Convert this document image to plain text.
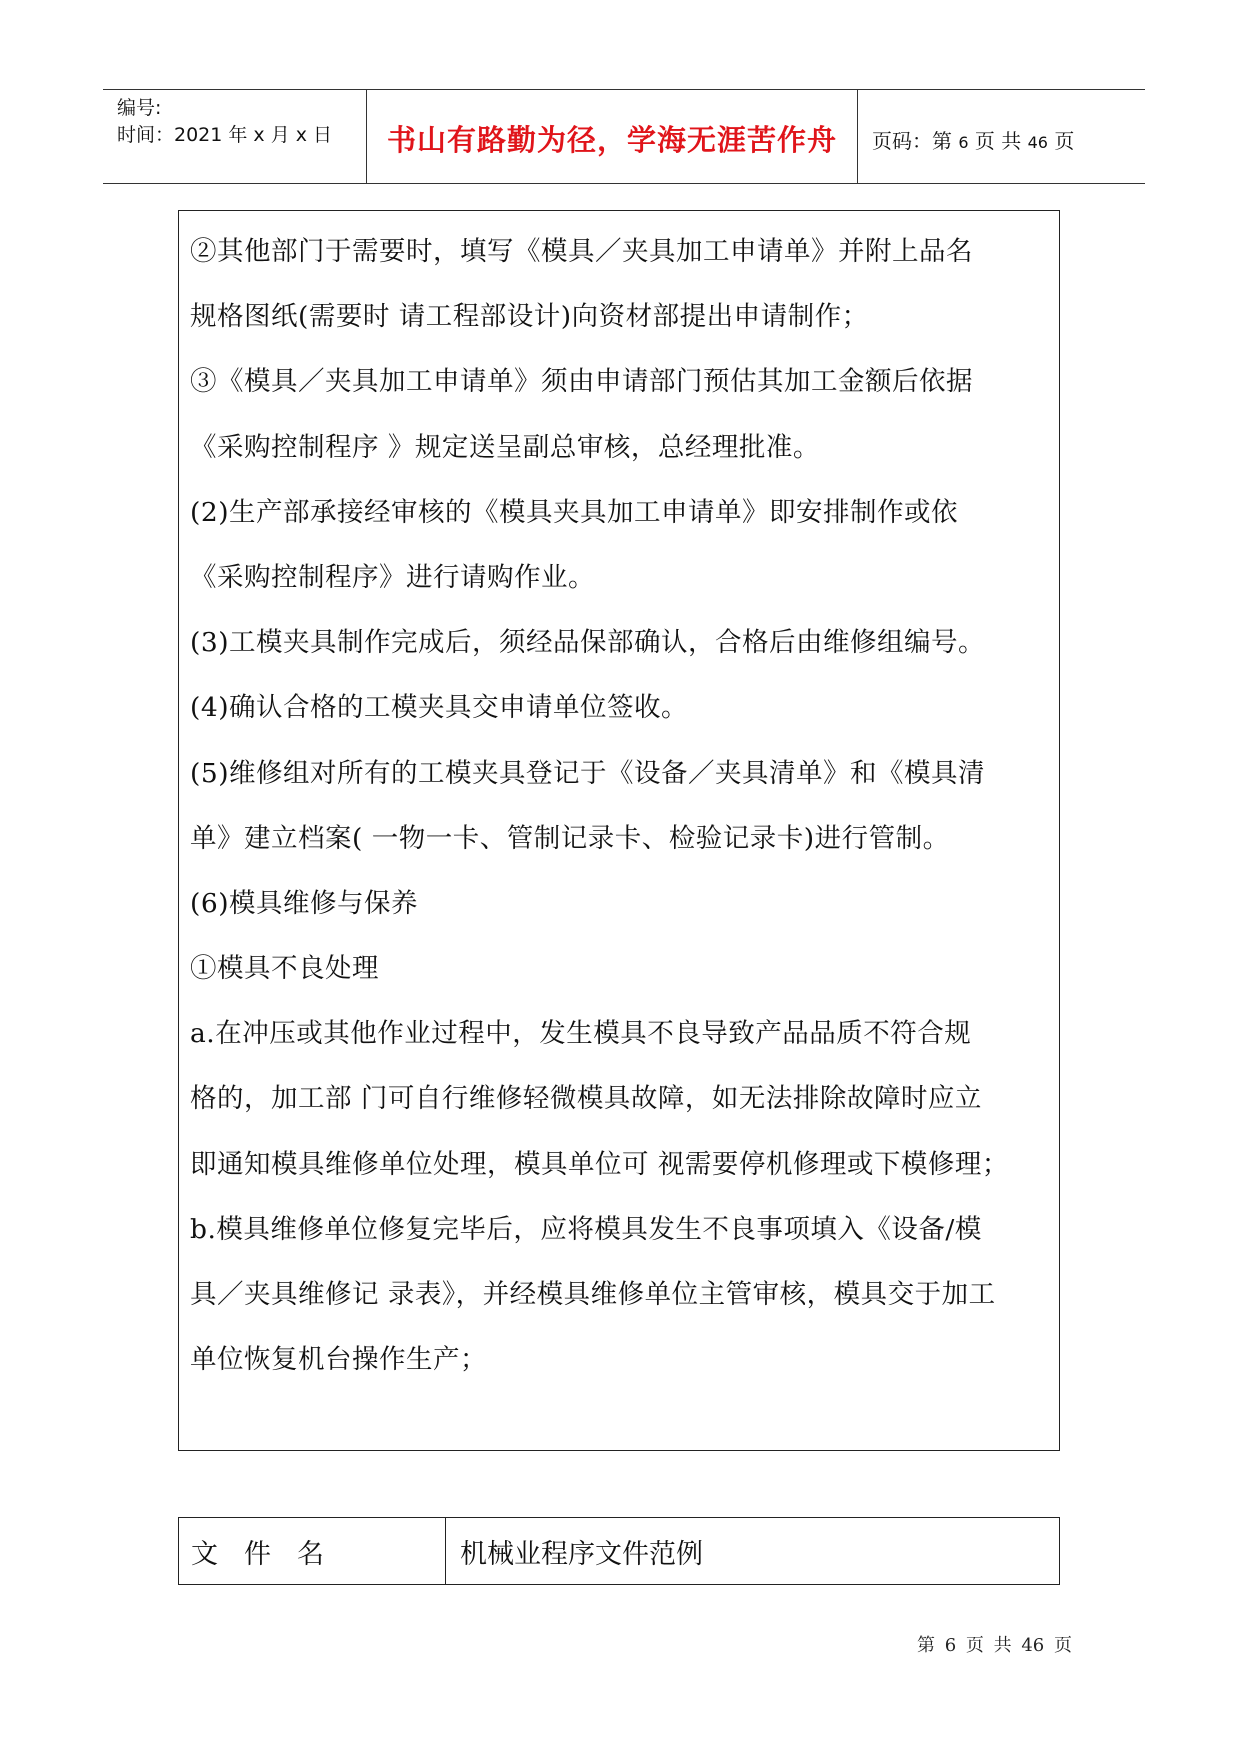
编号:
时间：2021 年 x 月 x 日	书山有路勤为径，学海无涯苦作舟	页码：第 6 页 共 46 页
②其他部门于需要时，填写《模具／夹具加工申请单》并附上品名
规格图纸(需要时 请工程部设计)向资材部提出申请制作；
③《模具／夹具加工申请单》须由申请部门预估其加工金额后依据
《采购控制程序 》规定送呈副总审核，总经理批准。
(2)生产部承接经审核的《模具夹具加工申请单》即安排制作或依
《采购控制程序》进行请购作业。
(3)工模夹具制作完成后，须经品保部确认，合格后由维修组编号。
(4)确认合格的工模夹具交申请单位签收。
(5)维修组对所有的工模夹具登记于《设备／夹具清单》和《模具清
单》建立档案( 一物一卡、管制记录卡、检验记录卡)进行管制。
(6)模具维修与保养
①模具不良处理
a.在冲压或其他作业过程中，发生模具不良导致产品品质不符合规
格的，加工部 门可自行维修轻微模具故障，如无法排除故障时应立
即通知模具维修单位处理，模具单位可 视需要停机修理或下模修理；
b.模具维修单位修复完毕后，应将模具发生不良事项填入《设备/模
具／夹具维修记 录表》，并经模具维修单位主管审核，模具交于加工
单位恢复机台操作生产；
文件名	机械业程序文件范例
第 6 页 共 46 页
